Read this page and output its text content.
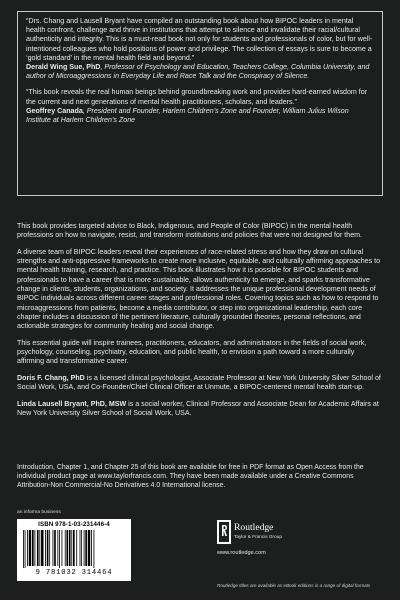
“Drs. Chang and Lausell Bryant have compiled an outstanding book about how BIPOC leaders in mental health confront, challenge and thrive in institutions that attempt to silence and invalidate their racial/cultural authenticity and integrity. This is a must-read book not only for students and professionals of color, but for well-intentioned colleagues who hold positions of power and privilege. The collection of essays is sure to become a ‘gold standard’ in the mental health field and beyond.”
Derald Wing Sue, PhD, Professor of Psychology and Education, Teachers College, Columbia University, and author of Microaggressions in Everyday Life and Race Talk and the Conspiracy of Silence.
“This book reveals the real human beings behind groundbreaking work and provides hard-earned wisdom for the current and next generations of mental health practitioners, scholars, and leaders.”
Geoffrey Canada, President and Founder, Harlem Children’s Zone and Founder, William Julius Wilson Institute at Harlem Children’s Zone

This book provides targeted advice to Black, Indigenous, and People of Color (BIPOC) in the mental health professions on how to navigate, resist, and transform institutions and policies that were not designed for them.

A diverse team of BIPOC leaders reveal their experiences of race-related stress and how they draw on cultural strengths and anti-oppressive frameworks to create more inclusive, equitable, and culturally affirming approaches to mental health training, research, and practice. This book illustrates how it is possible for BIPOC students and professionals to have a career that is more sustainable, allows authenticity to emerge, and sparks transformative change in clients, students, organizations, and society. It addresses the unique professional development needs of BIPOC individuals across different career stages and professional roles. Covering topics such as how to respond to microaggressions from patients, become a media contributor, or step into organizational leadership, each core chapter includes a discussion of the pertinent literature, culturally grounded theories, personal reflections, and actionable strategies for community healing and social change.

This essential guide will inspire trainees, practitioners, educators, and administrators in the fields of social work, psychology, counseling, psychiatry, education, and public health, to envision a path toward a more culturally affirming and transformative career.

Doris F. Chang, PhD is a licensed clinical psychologist, Associate Professor at New York University Silver School of Social Work, USA, and Co-Founder/Chief Clinical Officer at Unmute, a BIPOC-centered mental health start-up.
Linda Lausell Bryant, PhD, MSW is a social worker, Clinical Professor and Associate Dean for Academic Affairs at New York University Silver School of Social Work, USA.
Introduction, Chapter 1, and Chapter 25 of this book are available for free in PDF format as Open Access from the individual product page at www.taylorfrancis.com. They have been made available under a Creative Commons Attribution-Non Commercial-No Derivatives 4.0 International license.
an informa business
ISBN 978-1-03-231446-4
9 781032 314464
Routledge
Taylor & Francis Group
www.routledge.com
Routledge titles are available as eBook editions in a range of digital formats
